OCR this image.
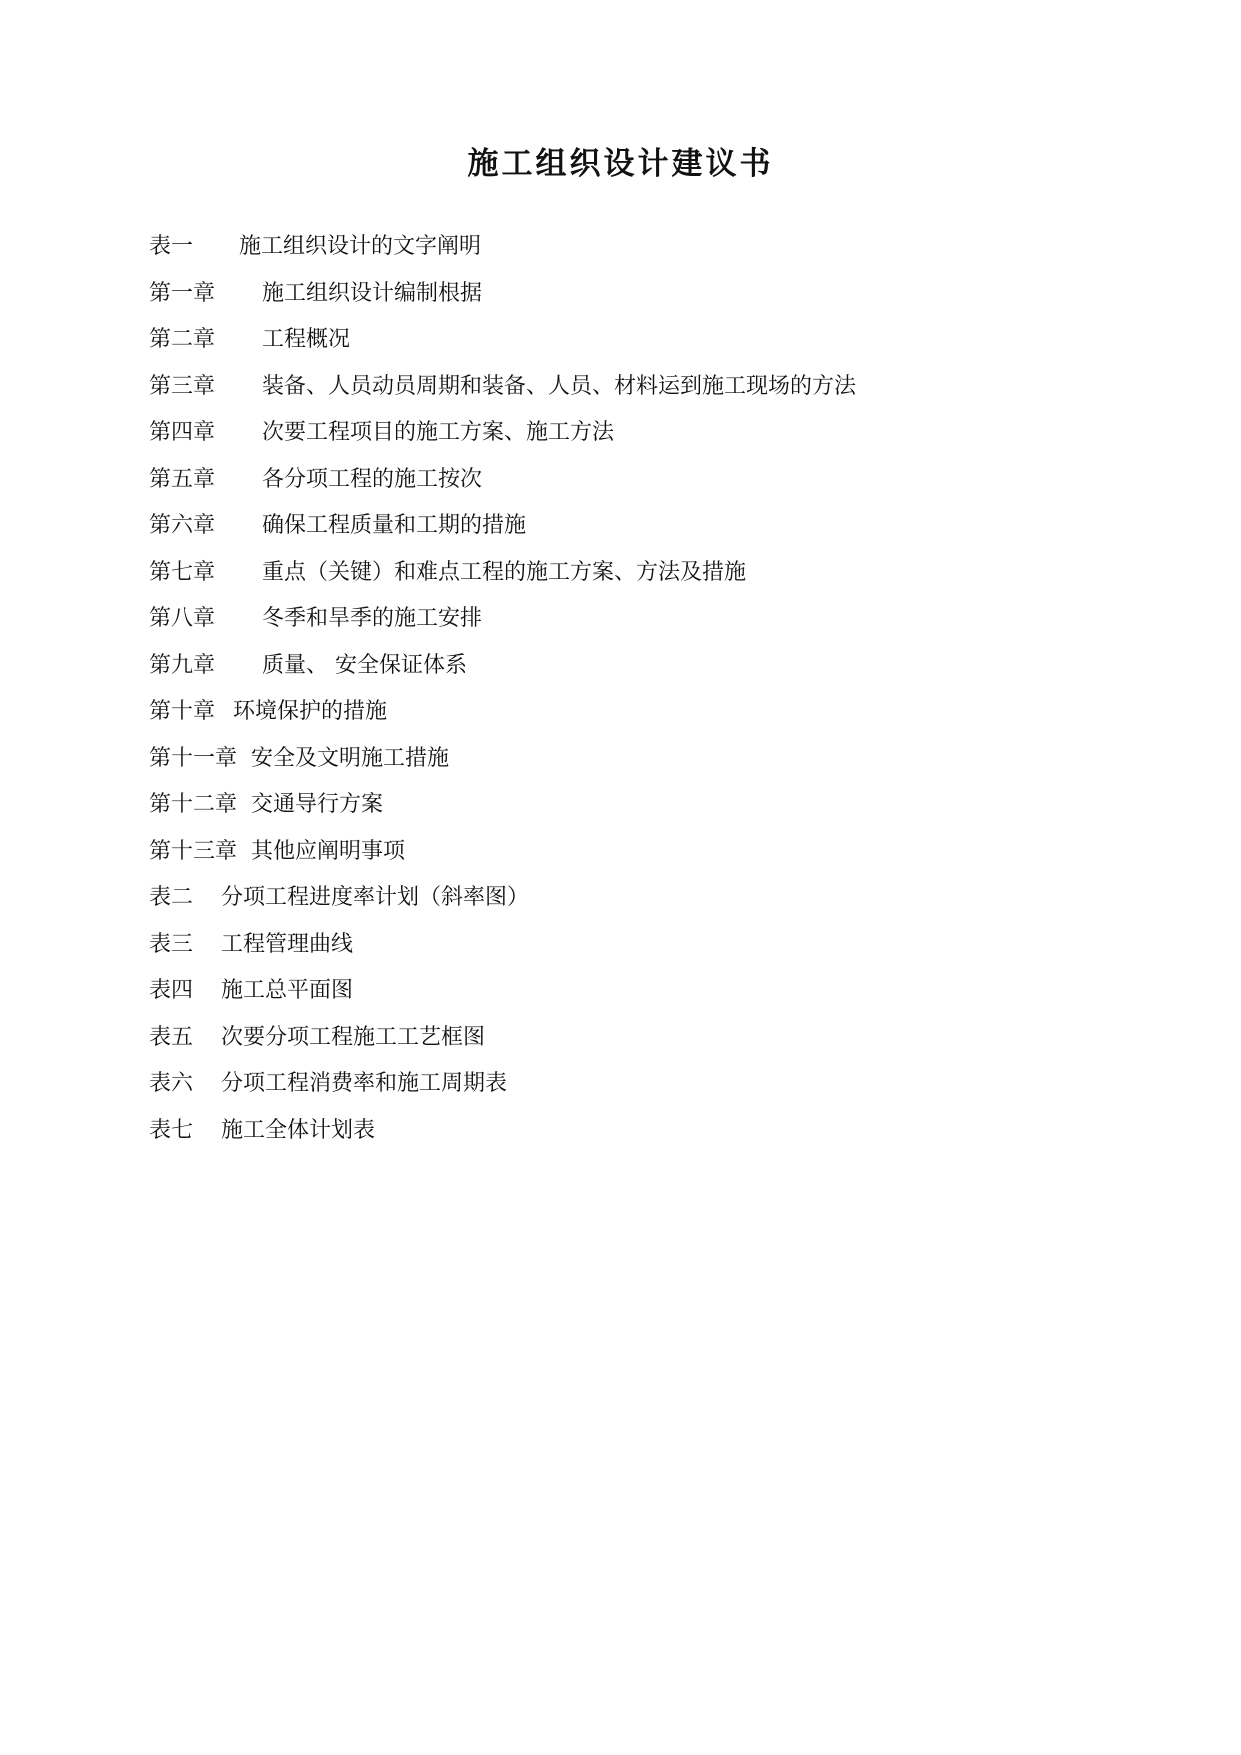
施工组织设计建议书
表一 施工组织设计的文字阐明
第一章 施工组织设计编制根据
第二章 工程概况
第三章 装备、人员动员周期和装备、人员、材料运到施工现场的方法
第四章 次要工程项目的施工方案、施工方法
第五章 各分项工程的施工按次
第六章 确保工程质量和工期的措施
第七章 重点（关键）和难点工程的施工方案、方法及措施
第八章 冬季和旱季的施工安排
第九章 质量、 安全保证体系
第十章 环境保护的措施
第十一章 安全及文明施工措施
第十二章 交通导行方案
第十三章 其他应阐明事项
表二 分项工程进度率计划（斜率图）
表三 工程管理曲线
表四 施工总平面图
表五 次要分项工程施工工艺框图
表六 分项工程消费率和施工周期表
表七 施工全体计划表
